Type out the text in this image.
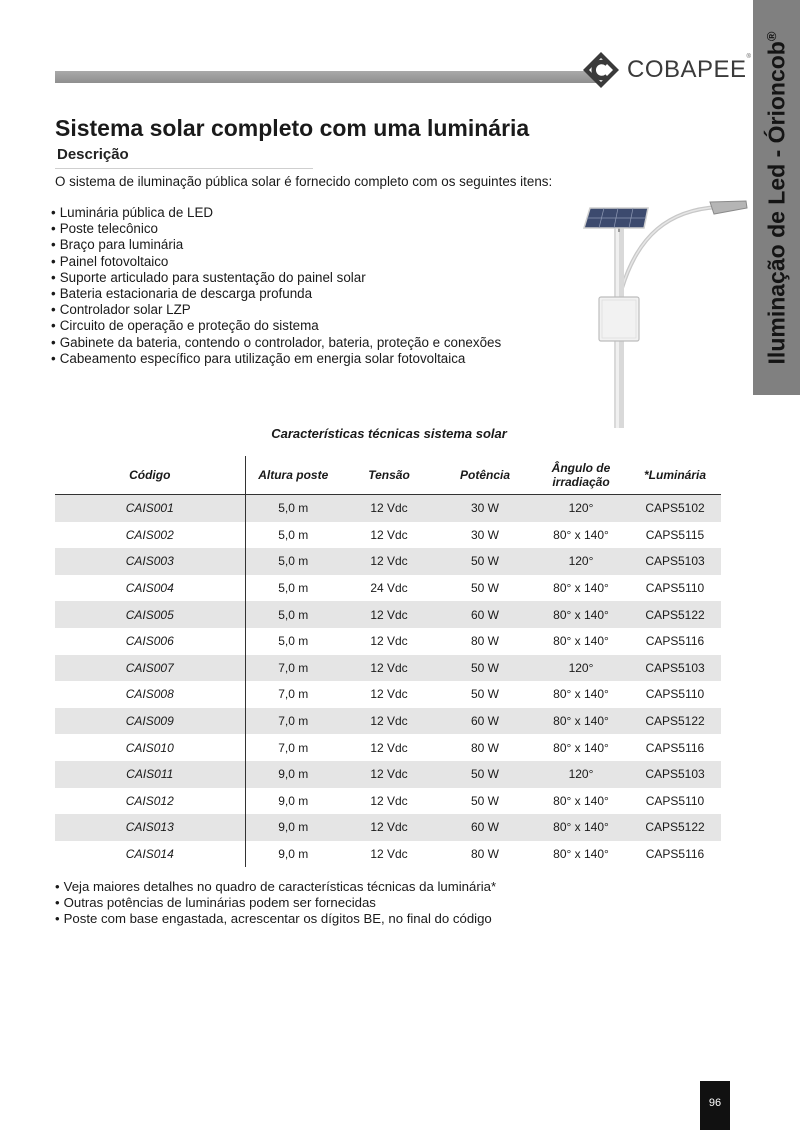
COBAPEE® Iluminação de Led - Órioncob®
Sistema solar completo com uma luminária
Descrição
O sistema de iluminação pública solar é fornecido completo com os seguintes itens:
• Luminária pública de LED
• Poste telecônico
• Braço para luminária
• Painel fotovoltaico
• Suporte articulado para sustentação do painel solar
• Bateria estacionaria de descarga profunda
• Controlador solar LZP
• Circuito de operação e proteção do sistema
• Gabinete da bateria, contendo o controlador, bateria, proteção e conexões
• Cabeamento específico para utilização em energia solar fotovoltaica
Características técnicas sistema solar
Código	Altura poste	Tensão	Potência	Ângulo de irradiação	*Luminária
CAIS001	5,0 m	12 Vdc	30 W	120°	CAPS5102
CAIS002	5,0 m	12 Vdc	30 W	80° x 140°	CAPS5115
CAIS003	5,0 m	12 Vdc	50 W	120°	CAPS5103
CAIS004	5,0 m	24 Vdc	50 W	80° x 140°	CAPS5110
CAIS005	5,0 m	12 Vdc	60 W	80° x 140°	CAPS5122
CAIS006	5,0 m	12 Vdc	80 W	80° x 140°	CAPS5116
CAIS007	7,0 m	12 Vdc	50 W	120°	CAPS5103
CAIS008	7,0 m	12 Vdc	50 W	80° x 140°	CAPS5110
CAIS009	7,0 m	12 Vdc	60 W	80° x 140°	CAPS5122
CAIS010	7,0 m	12 Vdc	80 W	80° x 140°	CAPS5116
CAIS011	9,0 m	12 Vdc	50 W	120°	CAPS5103
CAIS012	9,0 m	12 Vdc	50 W	80° x 140°	CAPS5110
CAIS013	9,0 m	12 Vdc	60 W	80° x 140°	CAPS5122
CAIS014	9,0 m	12 Vdc	80 W	80° x 140°	CAPS5116
• Veja maiores detalhes no quadro de características técnicas da luminária*
• Outras potências de luminárias podem ser fornecidas
• Poste com base engastada, acrescentar os dígitos BE, no final do código
96
